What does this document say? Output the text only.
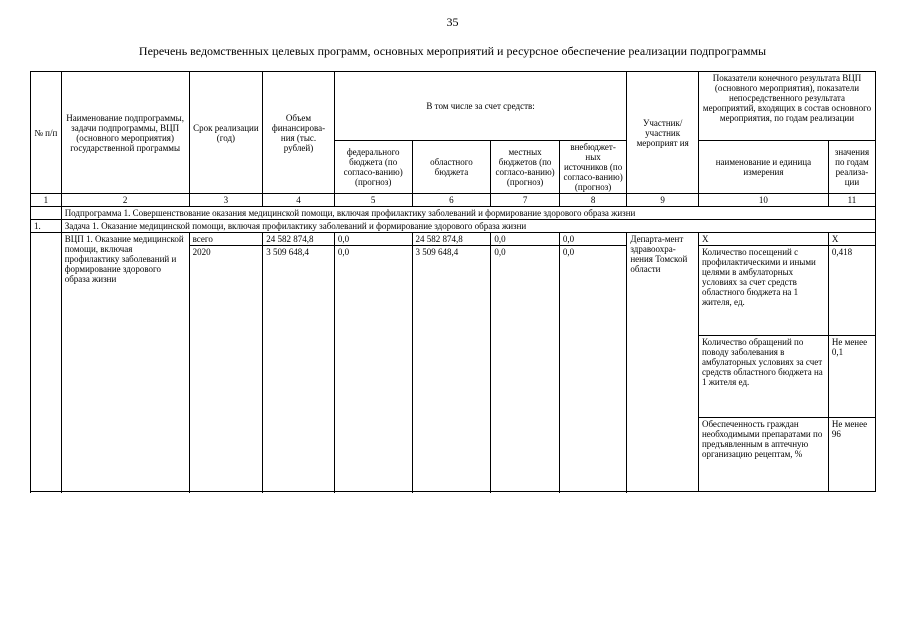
35
Перечень ведомственных целевых программ, основных мероприятий и ресурсное обеспечение реализации подпрограммы
№ п/п	Наименование подпрограммы, задачи подпрограммы, ВЦП (основного мероприятия) государственной программы	Срок реализации (год)	Объем финансирова-ния (тыс. рублей)	В том числе за счет средств:				Участник/ участник мероприят ия	Показатели конечного результата ВЦП (основного мероприятия), показатели непосредственного результата мероприятий, входящих в состав основного мероприятия, по годам реализации	
				федерального бюджета (по согласо-ванию) (прогноз)	областного бюджета	местных бюджетов (по согласо-ванию) (прогноз)	внебюджет-ных источников (по согласо-ванию) (прогноз)		наименование и единица измерения	значения по годам реализа-ции
1	2	3	4	5	6	7	8	9	10	11
	Подпрограмма 1. Совершенствование оказания медицинской помощи, включая профилактику заболеваний и формирование здорового образа жизни									
1.	Задача 1. Оказание медицинской помощи, включая профилактику заболеваний и формирование здорового образа жизни									
	ВЦП 1. Оказание медицинской помощи, включая профилактику заболеваний и формирование здорового образа жизни	всего	24 582 874,8	0,0	24 582 874,8	0,0	0,0	Департа-мент здравоохра-нения Томской области	Х	Х
		2020	3 509 648,4	0,0	3 509 648,4	0,0	0,0		Количество посещений с профилактическими и иными целями в амбулаторных условиях за счет средств областного бюджета на 1 жителя, ед.	0,418
									Количество обращений по поводу заболевания в амбулаторных условиях за счет средств областного бюджета на 1 жителя ед.	Не менее 0,1
									Обеспеченность граждан необходимыми препаратами по предъявленным в аптечную организацию рецептам, %	Не менее 96
